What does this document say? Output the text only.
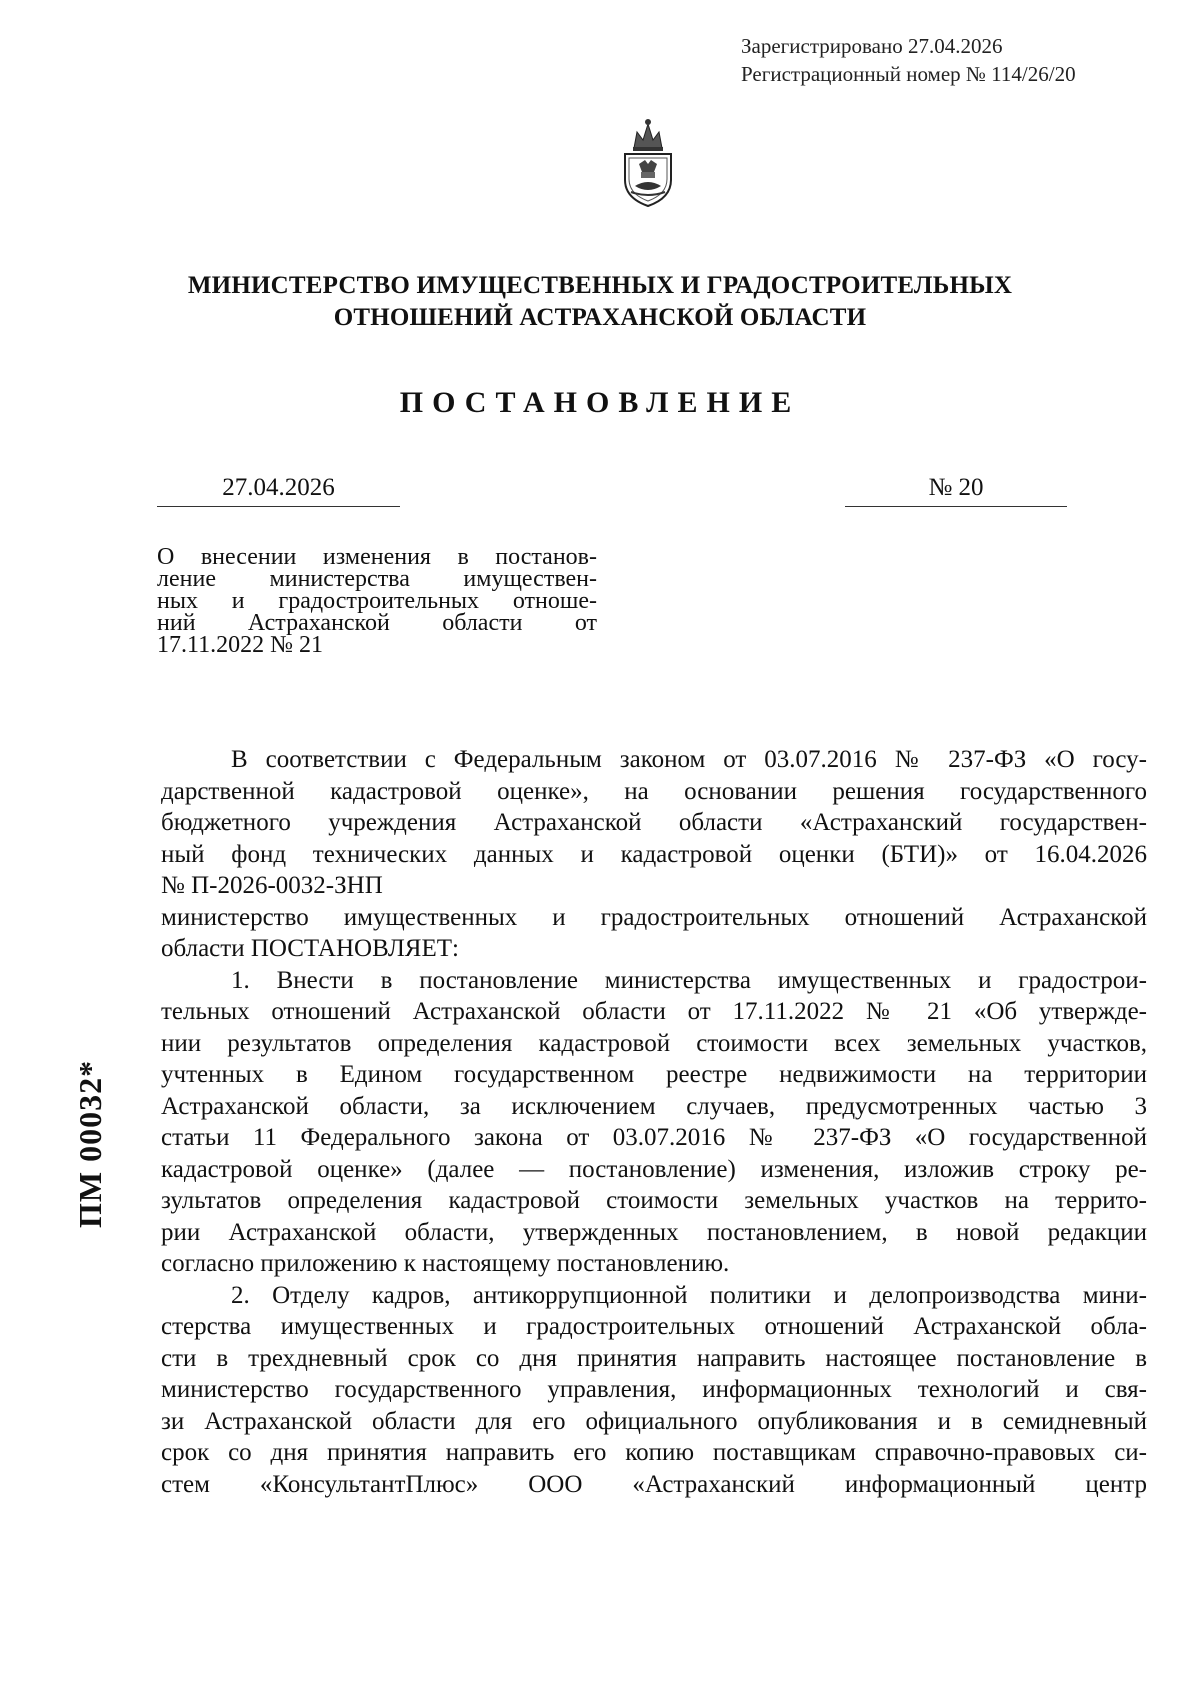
Зарегистрировано 27.04.2026
Регистрационный номер № 114/26/20
МИНИСТЕРСТВО ИМУЩЕСТВЕННЫХ И ГРАДОСТРОИТЕЛЬНЫХ
ОТНОШЕНИЙ АСТРАХАНСКОЙ ОБЛАСТИ
ПОСТАНОВЛЕНИЕ
27.04.2026	№ 20
О внесении изменения в постанов-
ление министерства имуществен-
ных и градостроительных отноше-
ний Астраханской области от
17.11.2022 № 21
В соответствии с Федеральным законом от 03.07.2016 № 237-ФЗ «О госу-
дарственной кадастровой оценке», на основании решения государственного
бюджетного учреждения Астраханской области «Астраханский государствен-
ный фонд технических данных и кадастровой оценки (БТИ)» от 16.04.2026
№ П-2026-0032-ЗНП
министерство имущественных и градостроительных отношений Астраханской
области ПОСТАНОВЛЯЕТ:
1. Внести в постановление министерства имущественных и градострои-
тельных отношений Астраханской области от 17.11.2022 № 21 «Об утвержде-
нии результатов определения кадастровой стоимости всех земельных участков,
учтенных в Едином государственном реестре недвижимости на территории
Астраханской области, за исключением случаев, предусмотренных частью 3
статьи 11 Федерального закона от 03.07.2016 № 237-ФЗ «О государственной
кадастровой оценке» (далее — постановление) изменения, изложив строку ре-
зультатов определения кадастровой стоимости земельных участков на террито-
рии Астраханской области, утвержденных постановлением, в новой редакции
согласно приложению к настоящему постановлению.
2. Отделу кадров, антикоррупционной политики и делопроизводства мини-
стерства имущественных и градостроительных отношений Астраханской обла-
сти в трехдневный срок со дня принятия направить настоящее постановление в
министерство государственного управления, информационных технологий и свя-
зи Астраханской области для его официального опубликования и в семидневный
срок со дня принятия направить его копию поставщикам справочно-правовых си-
стем «КонсультантПлюс» ООО «Астраханский информационный центр
ПМ 00032*
